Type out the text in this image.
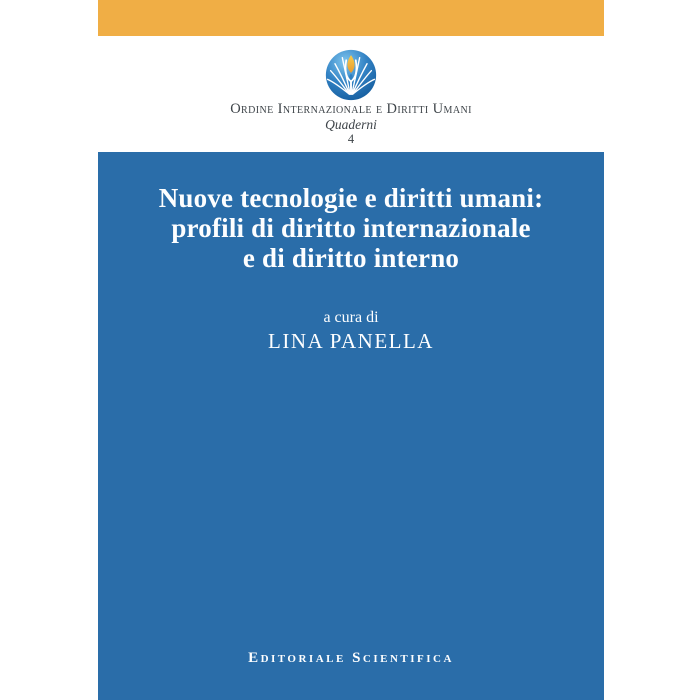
Ordine Internazionale e Diritti Umani
Quaderni
4
Nuove tecnologie e diritti umani:
profili di diritto internazionale
e di diritto interno
a cura di
LINA PANELLA
Editoriale Scientifica
